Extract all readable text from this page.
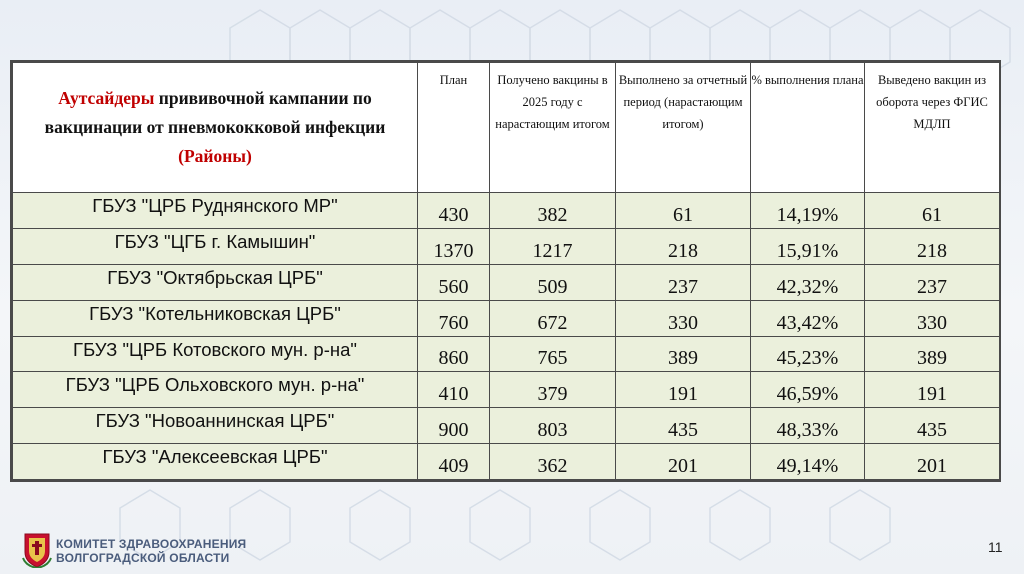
Аутсайдеры прививочной кампании по вакцинации от пневмококковой инфекции (Районы)	План	Получено вакцины в 2025 году с нарастающим итогом	Выполнено за отчетный период (нарастающим итогом)	% выполнения плана	Выведено вакцин из оборота через ФГИС МДЛП
ГБУЗ "ЦРБ Руднянского МР"	430	382	61	14,19%	61
ГБУЗ "ЦГБ г. Камышин"	1370	1217	218	15,91%	218
ГБУЗ "Октябрьская ЦРБ"	560	509	237	42,32%	237
ГБУЗ "Котельниковская ЦРБ"	760	672	330	43,42%	330
ГБУЗ "ЦРБ Котовского мун. р-на"	860	765	389	45,23%	389
ГБУЗ "ЦРБ Ольховского мун. р-на"	410	379	191	46,59%	191
ГБУЗ "Новоаннинская ЦРБ"	900	803	435	48,33%	435
ГБУЗ "Алексеевская ЦРБ"	409	362	201	49,14%	201
КОМИТЕТ ЗДРАВООХРАНЕНИЯ
ВОЛГОГРАДСКОЙ ОБЛАСТИ
11
